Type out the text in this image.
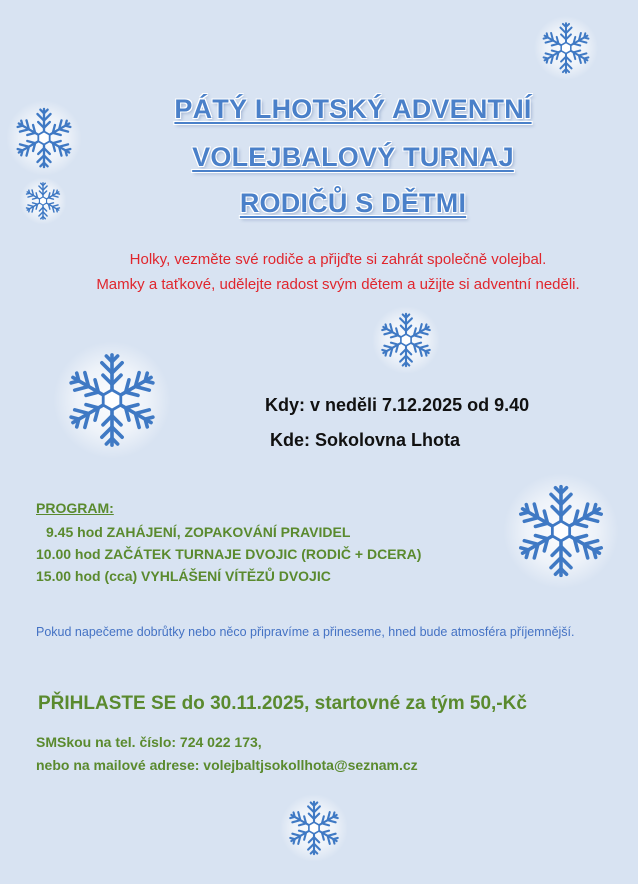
PÁTÝ LHOTSKÝ ADVENTNÍ
VOLEJBALOVÝ TURNAJ
RODIČŮ S DĚTMI
Holky, vezměte své rodiče a přijďte si zahrát společně volejbal.
Mamky a taťkové, udělejte radost svým dětem a užijte si adventní neděli.
Kdy: v neděli 7.12.2025 od 9.40
Kde: Sokolovna Lhota
PROGRAM:
9.45 hod ZAHÁJENÍ, ZOPAKOVÁNÍ PRAVIDEL
10.00 hod ZAČÁTEK TURNAJE DVOJIC (RODIČ + DCERA)
15.00 hod (cca) VYHLÁŠENÍ VÍTĚZŮ DVOJIC
Pokud napečeme dobrůtky nebo něco připravíme a přineseme, hned bude atmosféra příjemnější.
PŘIHLASTE SE do 30.11.2025, startovné za tým 50,-Kč
SMSkou na tel. číslo: 724 022 173,
nebo na mailové adrese: volejbaltjsokollhota@seznam.cz
